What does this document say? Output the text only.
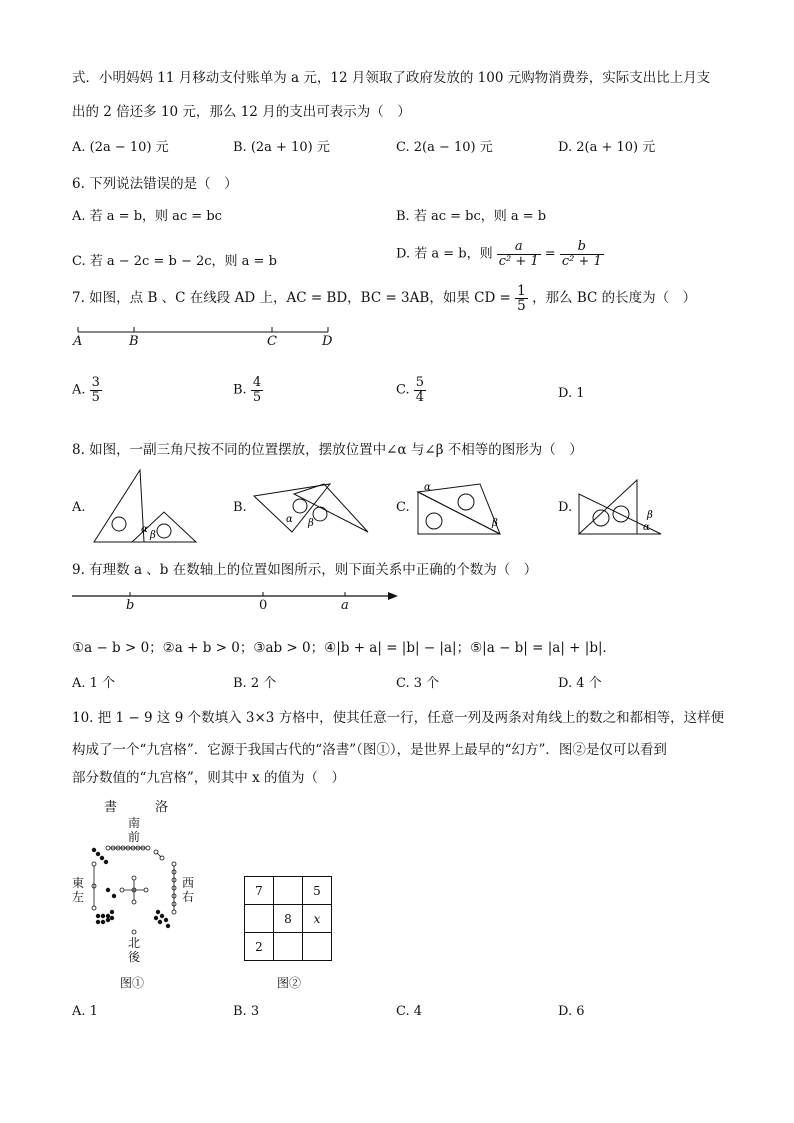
式．小明妈妈 11 月移动支付账单为 a 元，12 月领取了政府发放的 100 元购物消费券，实际支出比上月支
出的 2 倍还多 10 元，那么 12 月的支出可表示为（　）
A. (2a − 10) 元	B. (2a + 10) 元	C. 2(a − 10) 元	D. 2(a + 10) 元
6. 下列说法错误的是（　）
A. 若 a = b，则 ac = bc	B. 若 ac = bc，则 a = b
C. 若 a − 2c = b − 2c，则 a = b	D. 若 a = b，则 $\frac{a}{\text{c² + 1}} = \frac{b}{\text{c² + 1}}$
7. 如图，点 B 、C 在线段 AD 上，AC = BD，BC = 3AB，如果 CD = $\frac{1}{5}$ ，那么 BC 的长度为（　）
A	B	C	D
A. $\frac{3}{5}$	B. $\frac{4}{5}$	C. $\frac{5}{4}$	D. 1
8. 如图，一副三角尺按不同的位置摆放，摆放位置中∠α 与∠β 不相等的图形为（　）
A.	B.	C.	D.
α
β
α β
α
β
β
α
9. 有理数 a 、b 在数轴上的位置如图所示，则下面关系中正确的个数为（　）
b	0	a
①a − b > 0；②a + b > 0；③ab > 0；④|b + a| = |b| − |a|；⑤|a − b| = |a| + |b|．
A. 1 个	B. 2 个	C. 3 个	D. 4 个
10. 把 1 − 9 这 9 个数填入 3×3 方格中，使其任意一行，任意一列及两条对角线上的数之和都相等，这样便
构成了一个“九宫格”．它源于我国古代的“洛書”（图①），是世界上最早的“幻方”．图②是仅可以看到
部分数值的“九宫格”，则其中 x 的值为（　）
書	洛
南
前
東
左
西
右
北
後
图①
7		5
	8	x
2		
图②
A. 1	B. 3	C. 4	D. 6
